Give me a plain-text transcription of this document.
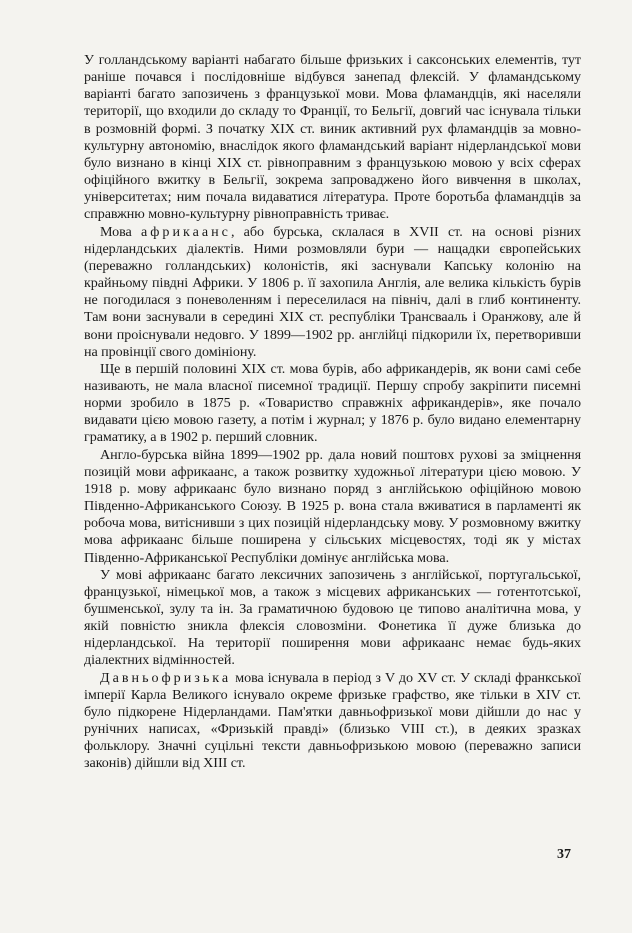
У голландському варіанті набагато більше фризьких і саксонських елементів, тут раніше почався і послідовніше відбувся занепад флексій. У фламандському варіанті багато запозичень з французької мови. Мова фламандців, які населяли території, що входили до складу то Франції, то Бельгії, довгий час існувала тільки в розмовній формі. З початку XIX ст. виник активний рух фламандців за мовно-культурну автономію, внаслідок якого фламандський варіант нідерландської мови було визнано в кінці XIX ст. рівноправним з французькою мовою у всіх сферах офіційного вжитку в Бельгії, зокрема запроваджено його вивчення в школах, університетах; ним почала видаватися література. Проте боротьба фламандців за справжню мовно-культурну рівноправність триває.

Мова африкаанс, або бурська, склалася в XVII ст. на основі різних нідерландських діалектів. Ними розмовляли бури — нащадки європейських (переважно голландських) колоністів, які заснували Капську колонію на крайньому півдні Африки. У 1806 р. її захопила Англія, але велика кількість бурів не погодилася з поневоленням і переселилася на північ, далі в глиб континенту. Там вони заснували в середині XIX ст. республіки Трансвааль і Оранжову, але й вони проіснували недовго. У 1899—1902 рр. англійці підкорили їх, перетворивши на провінції свого домініону.

Ще в першій половині XIX ст. мова бурів, або африкандерів, як вони самі себе називають, не мала власної писемної традиції. Першу спробу закріпити писемні норми зробило в 1875 р. «Товариство справжніх африкандерів», яке почало видавати цією мовою газету, а потім і журнал; у 1876 р. було видано елементарну граматику, а в 1902 р. перший словник.

Англо-бурська війна 1899—1902 рр. дала новий поштовх рухові за зміцнення позицій мови африкаанс, а також розвитку художньої літератури цією мовою. У 1918 р. мову африкаанс було визнано поряд з англійською офіційною мовою Південно-Африканського Союзу. В 1925 р. вона стала вживатися в парламенті як робоча мова, витіснивши з цих позицій нідерландську мову. У розмовному вжитку мова африкаанс більше поширена у сільських місцевостях, тоді як у містах Південно-Африканської Республіки домінує англійська мова.

У мові африкаанс багато лексичних запозичень з англійської, португальської, французької, німецької мов, а також з місцевих африканських — готентотської, бушменської, зулу та ін. За граматичною будовою це типово аналітична мова, у якій повністю зникла флексія словозміни. Фонетика її дуже близька до нідерландської. На території поширення мови африкаанс немає будь-яких діалектних відмінностей.

Давньофризька мова існувала в період з V до XV ст. У складі франкської імперії Карла Великого існувало окреме фризьке графство, яке тільки в XIV ст. було підкорене Нідерландами. Пам'ятки давньофризької мови дійшли до нас у рунічних написах, «Фризькій правді» (близько VIII ст.), в деяких зразках фольклору. Значні суцільні тексти давньофризькою мовою (переважно записи законів) дійшли від XIII ст.

37
